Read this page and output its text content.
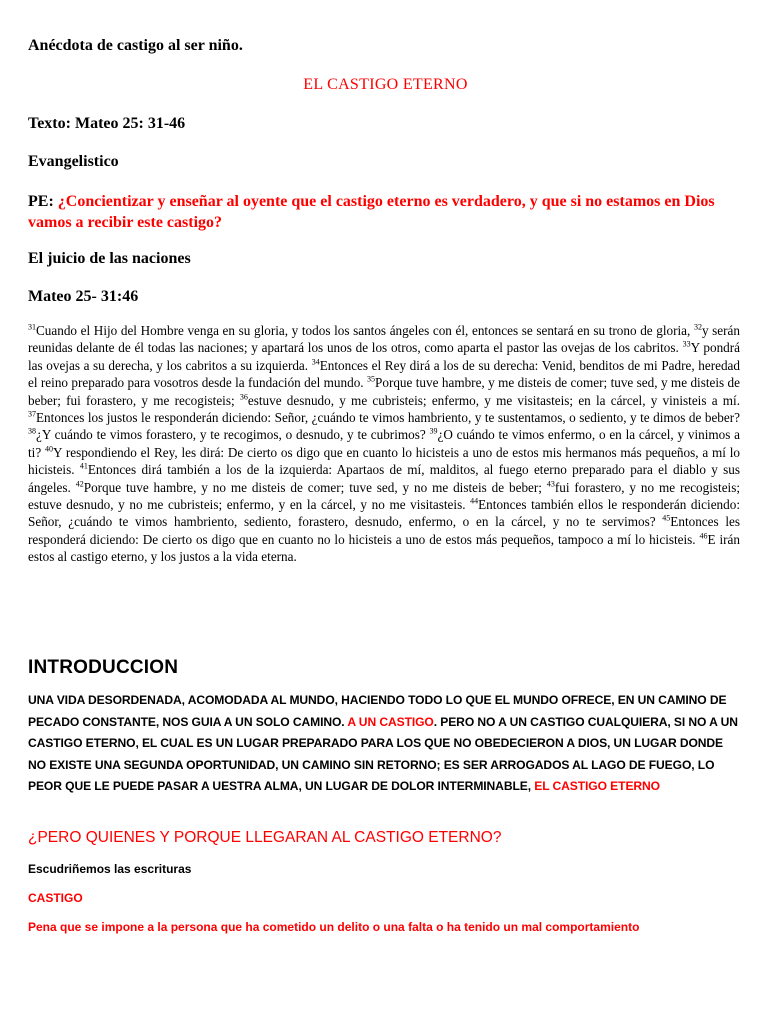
Anécdota de castigo al ser niño.
EL CASTIGO ETERNO
Texto: Mateo 25: 31-46
Evangelistico
PE: ¿Concientizar y enseñar al oyente que el castigo eterno es verdadero, y que si no estamos en Dios vamos a recibir este castigo?
El juicio de las naciones
Mateo 25- 31:46

$^{31}$Cuando el Hijo del Hombre venga en su gloria, y todos los santos ángeles con él, entonces se sentará en su trono de gloria, $^{32}$y serán reunidas delante de él todas las naciones; y apartará los unos de los otros, como aparta el pastor las ovejas de los cabritos. $^{33}$Y pondrá las ovejas a su derecha, y los cabritos a su izquierda. $^{34}$Entonces el Rey dirá a los de su derecha: Venid, benditos de mi Padre, heredad el reino preparado para vosotros desde la fundación del mundo. $^{35}$Porque tuve hambre, y me disteis de comer; tuve sed, y me disteis de beber; fui forastero, y me recogisteis; $^{36}$estuve desnudo, y me cubristeis; enfermo, y me visitasteis; en la cárcel, y vinisteis a mí. $^{37}$Entonces los justos le responderán diciendo: Señor, ¿cuándo te vimos hambriento, y te sustentamos, o sediento, y te dimos de beber? $^{38}$¿Y cuándo te vimos forastero, y te recogimos, o desnudo, y te cubrimos? $^{39}$¿O cuándo te vimos enfermo, o en la cárcel, y vinimos a ti? $^{40}$Y respondiendo el Rey, les dirá: De cierto os digo que en cuanto lo hicisteis a uno de estos mis hermanos más pequeños, a mí lo hicisteis. $^{41}$Entonces dirá también a los de la izquierda: Apartaos de mí, malditos, al fuego eterno preparado para el diablo y sus ángeles. $^{42}$Porque tuve hambre, y no me disteis de comer; tuve sed, y no me disteis de beber; $^{43}$fui forastero, y no me recogisteis; estuve desnudo, y no me cubristeis; enfermo, y en la cárcel, y no me visitasteis. $^{44}$Entonces también ellos le responderán diciendo: Señor, ¿cuándo te vimos hambriento, sediento, forastero, desnudo, enfermo, o en la cárcel, y no te servimos? $^{45}$Entonces les responderá diciendo: De cierto os digo que en cuanto no lo hicisteis a uno de estos más pequeños, tampoco a mí lo hicisteis. $^{46}$E irán estos al castigo eterno, y los justos a la vida eterna.

INTRODUCCION

UNA VIDA DESORDENADA, ACOMODADA AL MUNDO, HACIENDO TODO LO QUE EL MUNDO OFRECE, EN UN CAMINO DE PECADO CONSTANTE, NOS GUIA A UN SOLO CAMINO. A UN CASTIGO. PERO NO A UN CASTIGO CUALQUIERA, SI NO A UN CASTIGO ETERNO, EL CUAL ES UN LUGAR PREPARADO PARA LOS QUE NO OBEDECIERON A DIOS, UN LUGAR DONDE NO EXISTE UNA SEGUNDA OPORTUNIDAD, UN CAMINO SIN RETORNO; ES SER ARROGADOS AL LAGO DE FUEGO, LO PEOR QUE LE PUEDE PASAR A UESTRA ALMA, UN LUGAR DE DOLOR INTERMINABLE, EL CASTIGO ETERNO

¿PERO QUIENES Y PORQUE LLEGARAN AL CASTIGO ETERNO?
Escudriñemos las escrituras
CASTIGO
Pena que se impone a la persona que ha cometido un delito o una falta o ha tenido un mal comportamiento
